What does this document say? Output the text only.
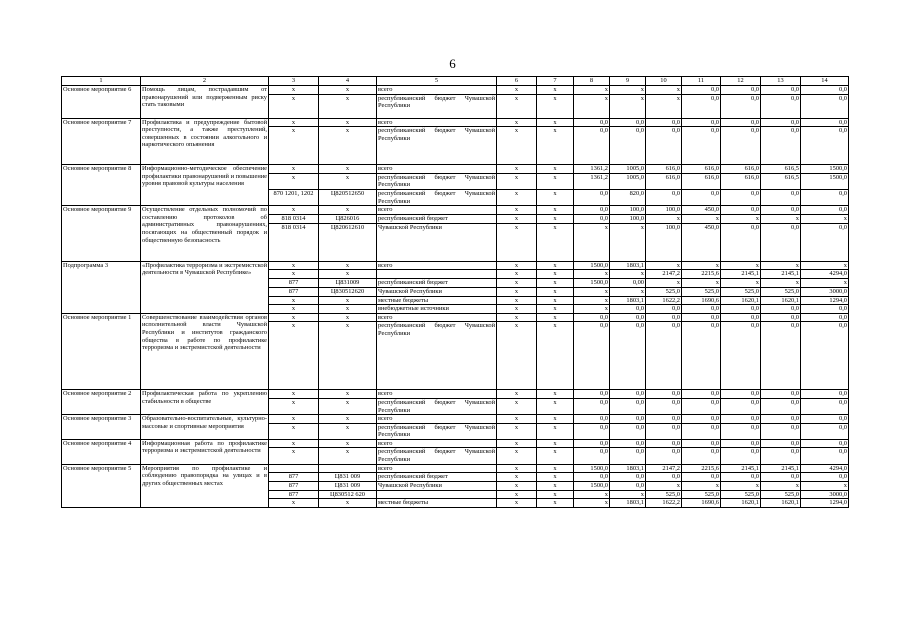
6
1	2	3	4	5	6	7	8	9	10	11	12	13	14
Основное мероприятие 6	Помощь лицам, пострадавшим от правонарушений или подверженным риску стать таковыми	x	x	всего	x	x	x	x	x	0,0	0,0	0,0	0,0
		x	x	республиканский бюджет Чувашской Республики	x	x	x	x	x	0,0	0,0	0,0	0,0
Основное мероприятие 7	Профилактика и предупреждение бытовой преступности, а также преступлений, совершенных в состоянии алкогольного и наркотического опьянения	x	x	всего	x	x	0,0	0,0	0,0	0,0	0,0	0,0	0,0
		x	x	республиканский бюджет Чувашской Республики	x	x	0,0	0,0	0,0	0,0	0,0	0,0	0,0
Основное мероприятие 8	Информационно-методическое обеспечение профилактики правонарушений и повышение уровня правовой культуры населения	x	x	всего	x	x	1361,2	1005,0	616,0	616,0	616,0	616,5	1500,0
		x	x	республиканский бюджет Чувашской Республики	x	x	1361,2	1005,0	616,0	616,0	616,0	616,5	1500,0
		870 1201, 1202	Ц820512650	республиканский бюджет Чувашской Республики	x	x	0,0	820,0	0,0	0,0	0,0	0,0	0,0
Основное мероприятие 9	Осуществление отдельных полномочий по составлению протоколов об административных правонарушениях, посягающих на общественный порядок и общественную безопасность	x	x	всего	x	x	0,0	100,0	100,0	450,0	0,0	0,0	0,0
		818 0314	Ц826016	республиканский бюджет	x	x	0,0	100,0	x	x	x	x	x
		818 0314	Ц820612610	Чувашской Республики	x	x	x	x	100,0	450,0	0,0	0,0	0,0
Подпрограмма 3	«Профилактика терроризма и экстремистской деятельности в Чувашской Республике»	x	x	всего	x	x	1500,0	1803,1	x	x	x	x	x
		x	x		x	x	x	x	2147,2	2215,6	2145,1	2145,1	4294,0
		877	Ц831009	республиканский бюджет	x	x	1500,0	0,00	x	x	x	x	x
		877	Ц830512620	Чувашской Республики	x	x	x	x	525,0	525,0	525,0	525,0	3000,0
		x	x	местные бюджеты	x	x	x	1803,1	1622,2	1690,6	1620,1	1620,1	1294,0
		x	x	внебюджетные источники	x	x	x	0,0	0,0	0,0	0,0	0,0	0,0
Основное мероприятие 1	Совершенствование взаимодействия органов исполнительной власти Чувашской Республики и институтов гражданского общества в работе по профилактике терроризма и экстремистской деятельности	x	x	всего	x	x	0,0	0,0	0,0	0,0	0,0	0,0	0,0
		x	x	республиканский бюджет Чувашской Республики	x	x	0,0	0,0	0,0	0,0	0,0	0,0	0,0
Основное мероприятие 2	Профилактическая работа по укреплению стабильности в обществе	x	x	всего	x	x	0,0	0,0	0,0	0,0	0,0	0,0	0,0
		x	x	республиканский бюджет Чувашской Республики	x	x	0,0	0,0	0,0	0,0	0,0	0,0	0,0
Основное мероприятие 3	Образовательно-воспитательные, культурно-массовые и спортивные мероприятия	x	x	всего	x	x	0,0	0,0	0,0	0,0	0,0	0,0	0,0
		x	x	республиканский бюджет Чувашской Республики	x	x	0,0	0,0	0,0	0,0	0,0	0,0	0,0
Основное мероприятие 4	Информационная работа по профилактике терроризма и экстремистской деятельности	x	x	всего	x	x	0,0	0,0	0,0	0,0	0,0	0,0	0,0
		x	x	республиканский бюджет Чувашской Республики	x	x	0,0	0,0	0,0	0,0	0,0	0,0	0,0
Основное мероприятие 5	Мероприятия по профилактике и соблюдению правопорядка на улицах и в других общественных местах			всего	x	x	1500,0	1803,1	2147,2	2215,6	2145,1	2145,1	4294,0
		877	Ц831 009	республиканский бюджет	x	x	0,0	0,0	0,0	0,0	0,0	0,0	0,0
		877	Ц831 009	Чувашской Республики	x	x	1500,0	0,0	x	x	x	x	x
		877	Ц830512 620		x	x	x	x	525,0	525,0	525,0	525,0	3000,0
		x	x	местные бюджеты	x	x	x	1803,1	1622,2	1690,6	1620,1	1620,1	1294,0
